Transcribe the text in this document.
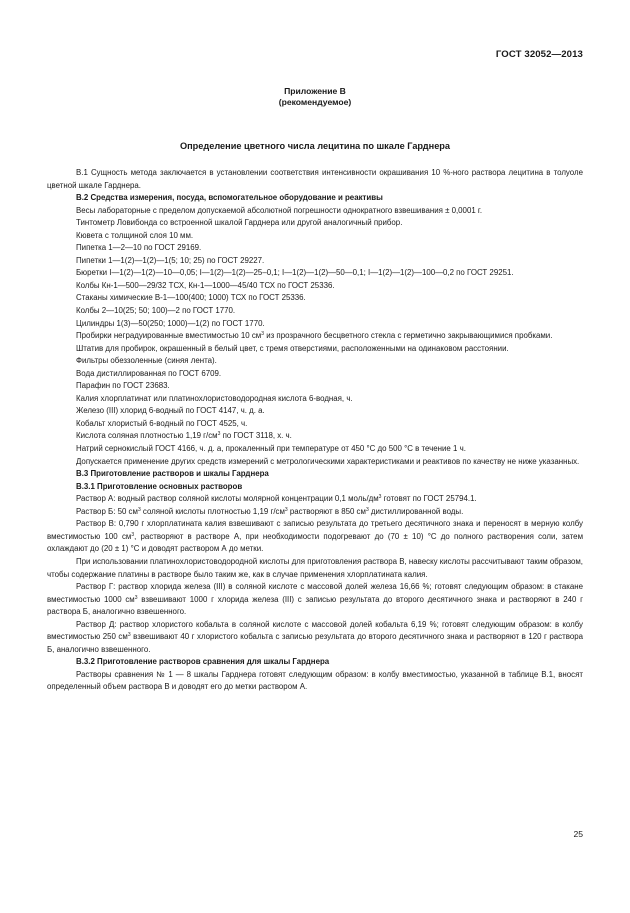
ГОСТ 32052—2013
Приложение В
(рекомендуемое)
Определение цветного числа лецитина по шкале Гарднера

В.1 Сущность метода заключается в установлении соответствия интенсивности окрашивания 10 %-ного раствора лецитина в толуоле цветной шкале Гарднера.

В.2 Средства измерения, посуда, вспомогательное оборудование и реактивы

Весы лабораторные с пределом допускаемой абсолютной погрешности однократного взвешивания ± 0,0001 г.

Тинтометр Ловибонда со встроенной шкалой Гарднера или другой аналогичный прибор.

Кювета с толщиной слоя 10 мм.

Пипетка 1—2—10 по ГОСТ 29169.

Пипетки 1—1(2)—1(2)—1(5; 10; 25) по ГОСТ 29227.

Бюретки I—1(2)—1(2)—10—0,05; I—1(2)—1(2)—25–0,1; I—1(2)—1(2)—50—0,1; I—1(2)—1(2)—100—0,2 по ГОСТ 29251.

Колбы Кн-1—500—29/32 ТСХ, Кн-1—1000—45/40 ТСХ по ГОСТ 25336.

Стаканы химические В-1—100(400; 1000) ТСХ по ГОСТ 25336.

Колбы 2—10(25; 50; 100)—2 по ГОСТ 1770.

Цилиндры 1(3)—50(250; 1000)—1(2) по ГОСТ 1770.

Пробирки неградуированные вместимостью 10 $см^3$ из прозрачного бесцветного стекла с герметично закрывающимися пробками.

Штатив для пробирок, окрашенный в белый цвет, с тремя отверстиями, расположенными на одинаковом расстоянии.

Фильтры обеззоленные (синяя лента).

Вода дистиллированная по ГОСТ 6709.

Парафин по ГОСТ 23683.

Калия хлорплатинат или платинохлористоводородная кислота 6-водная, ч.

Железо (III) хлорид 6-водный по ГОСТ 4147, ч. д. а.

Кобальт хлористый 6-водный по ГОСТ 4525, ч.

Кислота соляная плотностью 1,19 $г/см^3$ по ГОСТ 3118, х. ч.

Натрий сернокислый ГОСТ 4166, ч. д. а, прокаленный при температуре от 450 °С до 500 °С в течение 1 ч.

Допускается применение других средств измерений с метрологическими характеристиками и реактивов по качеству не ниже указанных.

В.3 Приготовление растворов и шкалы Гарднера

В.3.1 Приготовление основных растворов

Раствор А: водный раствор соляной кислоты молярной концентрации 0,1 моль/$дм^3$ готовят по ГОСТ 25794.1.

Раствор Б: 50 $см^3$ соляной кислоты плотностью 1,19 $г/см^3$ растворяют в 850 $см^3$ дистиллированной воды.

Раствор В: 0,790 г хлорплатината калия взвешивают с записью результата до третьего десятичного знака и переносят в мерную колбу вместимостью 100 $см^3$, растворяют в растворе А, при необходимости подогревают до (70 ± 10) °С до полного растворения соли, затем охлаждают до (20 ± 1) °С и доводят раствором А до метки.

При использовании платинохлористоводородной кислоты для приготовления раствора В, навеску кислоты рассчитывают таким образом, чтобы содержание платины в растворе было таким же, как в случае применения хлорплатината калия.

Раствор Г: раствор хлорида железа (III) в соляной кислоте с массовой долей железа 16,66 %; готовят следующим образом: в стакане вместимостью 1000 $см^3$ взвешивают 1000 г хлорида железа (III) с записью результата до второго десятичного знака и растворяют в 240 г раствора Б, аналогично взвешенного.

Раствор Д: раствор хлористого кобальта в соляной кислоте с массовой долей кобальта 6,19 %; готовят следующим образом: в колбу вместимостью 250 $см^3$ взвешивают 40 г хлористого кобальта с записью результата до второго десятичного знака и растворяют в 120 г раствора Б, аналогично взвешенного.

В.3.2 Приготовление растворов сравнения для шкалы Гарднера

Растворы сравнения № 1 — 8 шкалы Гарднера готовят следующим образом: в колбу вместимостью, указанной в таблице В.1, вносят определенный объем раствора В и доводят его до метки раствором А.

25
